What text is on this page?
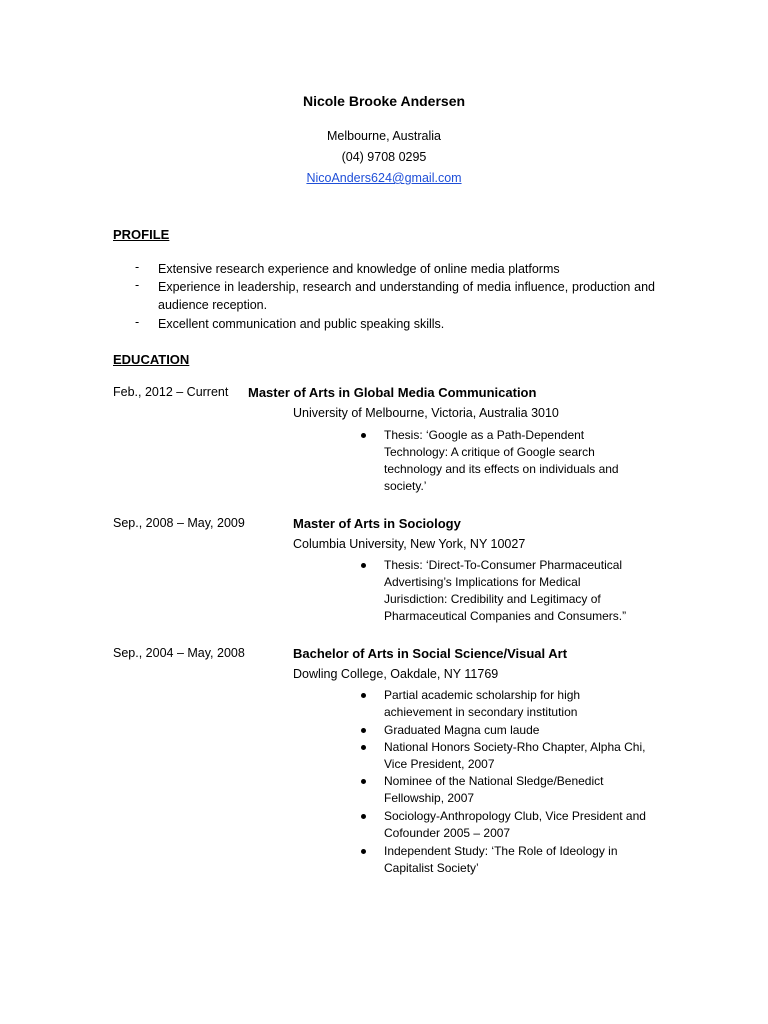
Nicole Brooke Andersen
Melbourne, Australia
(04) 9708 0295
NicoAnders624@gmail.com
PROFILE
- Extensive research experience and knowledge of online media platforms
- Experience in leadership, research and understanding of media influence, production and audience reception.
- Excellent communication and public speaking skills.
EDUCATION
Feb., 2012 – Current Master of Arts in Global Media Communication
University of Melbourne, Victoria, Australia 3010
Thesis: ‘Google as a Path-Dependent Technology: A critique of Google search technology and its effects on individuals and society.’
Sep., 2008 – May, 2009	Master of Arts in Sociology
Columbia University, New York, NY 10027
Thesis: ‘Direct-To-Consumer Pharmaceutical Advertising’s Implications for Medical Jurisdiction: Credibility and Legitimacy of Pharmaceutical Companies and Consumers.”
Sep., 2004 – May, 2008	Bachelor of Arts in Social Science/Visual Art
Dowling College, Oakdale, NY 11769
Partial academic scholarship for high achievement in secondary institution
Graduated Magna cum laude
National Honors Society-Rho Chapter, Alpha Chi, Vice President, 2007
Nominee of the National Sledge/Benedict Fellowship, 2007
Sociology-Anthropology Club, Vice President and Cofounder 2005 – 2007
Independent Study: ‘The Role of Ideology in Capitalist Society’
